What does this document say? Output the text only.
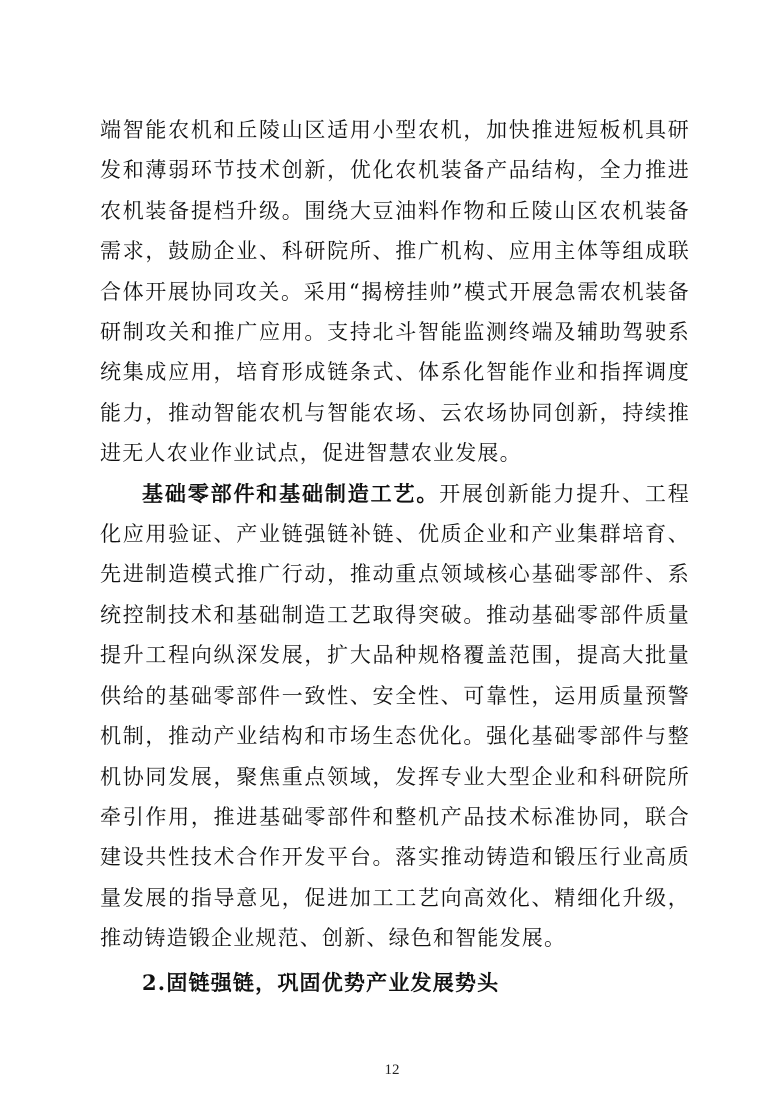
端智能农机和丘陵山区适用小型农机，加快推进短板机具研发和薄弱环节技术创新，优化农机装备产品结构，全力推进农机装备提档升级。围绕大豆油料作物和丘陵山区农机装备需求，鼓励企业、科研院所、推广机构、应用主体等组成联合体开展协同攻关。采用“揭榜挂帅”模式开展急需农机装备研制攻关和推广应用。支持北斗智能监测终端及辅助驾驶系统集成应用，培育形成链条式、体系化智能作业和指挥调度能力，推动智能农机与智能农场、云农场协同创新，持续推进无人农业作业试点，促进智慧农业发展。

基础零部件和基础制造工艺。开展创新能力提升、工程化应用验证、产业链强链补链、优质企业和产业集群培育、先进制造模式推广行动，推动重点领域核心基础零部件、系统控制技术和基础制造工艺取得突破。推动基础零部件质量提升工程向纵深发展，扩大品种规格覆盖范围，提高大批量供给的基础零部件一致性、安全性、可靠性，运用质量预警机制，推动产业结构和市场生态优化。强化基础零部件与整机协同发展，聚焦重点领域，发挥专业大型企业和科研院所牵引作用，推进基础零部件和整机产品技术标准协同，联合建设共性技术合作开发平台。落实推动铸造和锻压行业高质量发展的指导意见，促进加工工艺向高效化、精细化升级，推动铸造锻企业规范、创新、绿色和智能发展。

2.固链强链，巩固优势产业发展势头

12
